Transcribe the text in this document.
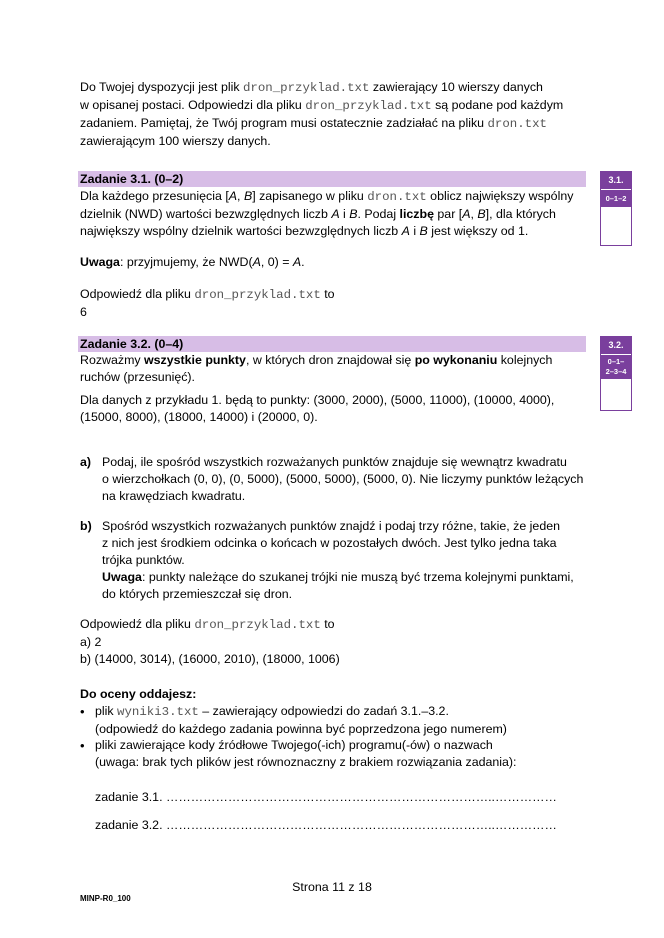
Do Twojej dyspozycji jest plik dron_przyklad.txt zawierający 10 wierszy danych
w opisanej postaci. Odpowiedzi dla pliku dron_przyklad.txt są podane pod każdym
zadaniem. Pamiętaj, że Twój program musi ostatecznie zadziałać na pliku dron.txt
zawierającym 100 wierszy danych.
Zadanie 3.1. (0–2)	3.1.
0–1–2
Dla każdego przesunięcia [A, B] zapisanego w pliku dron.txt oblicz największy wspólny
dzielnik (NWD) wartości bezwzględnych liczb A i B. Podaj liczbę par [A, B], dla których
największy wspólny dzielnik wartości bezwzględnych liczb A i B jest większy od 1.
Uwaga: przyjmujemy, że NWD(A, 0) = A.
Odpowiedź dla pliku dron_przyklad.txt to
6
Zadanie 3.2. (0–4)	3.2.
0–1–
2–3–4
Rozważmy wszystkie punkty, w których dron znajdował się po wykonaniu kolejnych
ruchów (przesunięć).
Dla danych z przykładu 1. będą to punkty: (3000, 2000), (5000, 11000), (10000, 4000),
(15000, 8000), (18000, 14000) i (20000, 0).
a) Podaj, ile spośród wszystkich rozważanych punktów znajduje się wewnątrz kwadratu
o wierzchołkach (0, 0), (0, 5000), (5000, 5000), (5000, 0). Nie liczymy punktów leżących
na krawędziach kwadratu.
b) Spośród wszystkich rozważanych punktów znajdź i podaj trzy różne, takie, że jeden
z nich jest środkiem odcinka o końcach w pozostałych dwóch. Jest tylko jedna taka
trójka punktów.
Uwaga: punkty należące do szukanej trójki nie muszą być trzema kolejnymi punktami,
do których przemieszczał się dron.
Odpowiedź dla pliku dron_przyklad.txt to
a) 2
b) (14000, 3014), (16000, 2010), (18000, 1006)
Do oceny oddajesz:
• plik wyniki3.txt – zawierający odpowiedzi do zadań 3.1.–3.2.
(odpowiedź do każdego zadania powinna być poprzedzona jego numerem)
• pliki zawierające kody źródłowe Twojego(-ich) programu(-ów) o nazwach
(uwaga: brak tych plików jest równoznaczny z brakiem rozwiązania zadania):
zadanie 3.1. ……………………………………………………………………..……………
zadanie 3.2. ……………………………………………………………………..……………
Strona 11 z 18
MINP-R0_100
